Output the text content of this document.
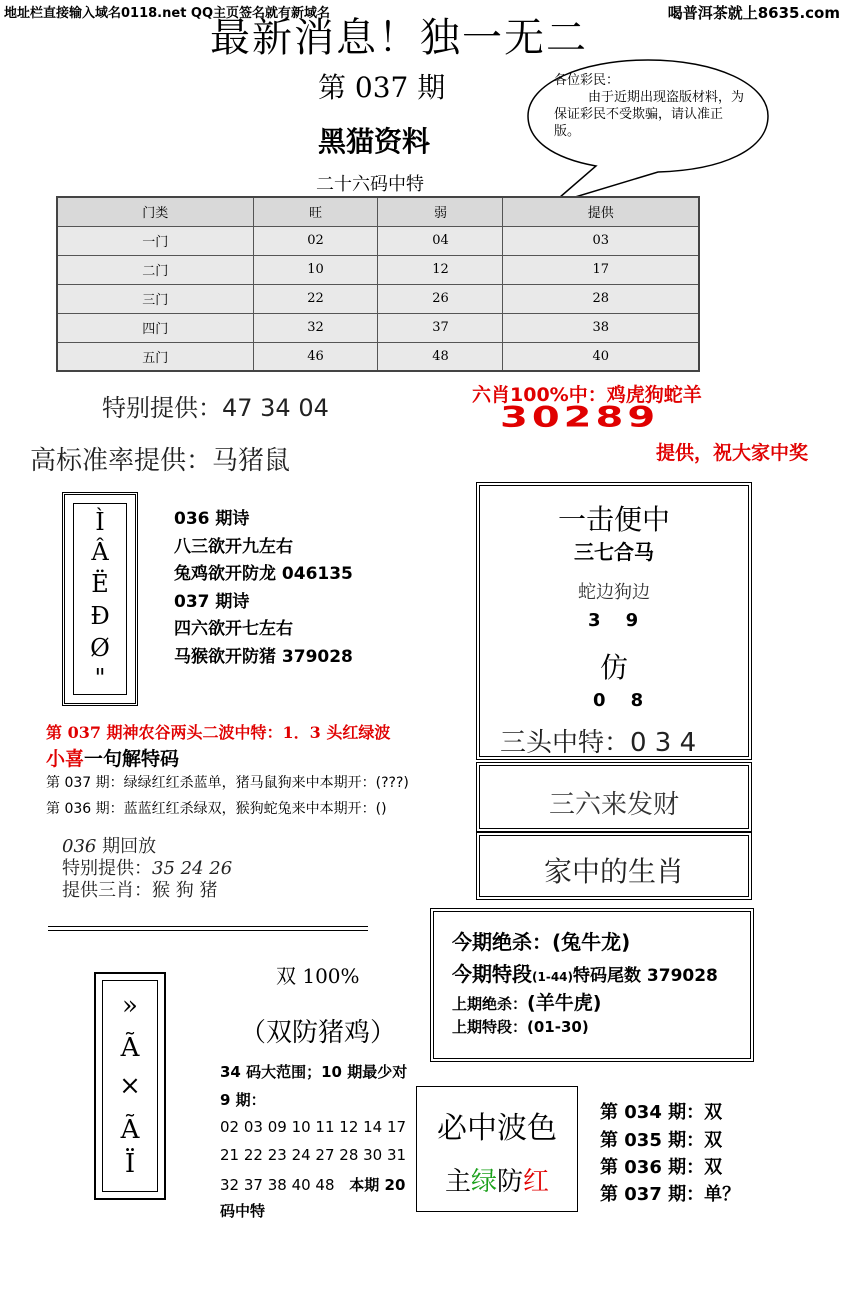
地址栏直接输入域名0118.net QQ主页签名就有新域名	喝普洱茶就上8635.com
最新消息！独一无二
第 037 期
黑猫资料
二十六码中特
各位彩民：
由于近期出现盗版材料，为保证彩民不受欺骗，请认准正版。
门类	旺	弱	提供
一门	02	04	03
二门	10	12	17
三门	22	26	28
四门	32	37	38
五门	46	48	40
特别提供：47 34 04
高标准率提供：马猪鼠
六肖100%中：鸡虎狗蛇羊
30289
提供，祝大家中奖
Ì
Â
Ë
Ð
Ø
"
036 期诗
八三欲开九左右
兔鸡欲开防龙 046135
037 期诗
四六欲开七左右
马猴欲开防猪 379028
一击便中
三七合马
蛇边狗边
3    9
仿
0    8
三头中特：0 3 4
三六来发财
家中的生肖
第 037 期神农谷两头二波中特：1．3 头红绿波
小喜一句解特码
第 037 期：绿绿红红杀蓝单，猪马鼠狗来中本期开：(???)
第 036 期：蓝蓝红红杀绿双，猴狗蛇兔来中本期开：()
036 期回放
特别提供：35 24 26
提供三肖：猴 狗 猪
今期绝杀：(兔牛龙)
今期特段(1-44)特码尾数 379028
上期绝杀：(羊牛虎)
上期特段：(01-30)
»
Ã
×
Ã
Ï
双 100%
（双防猪鸡）
34 码大范围；10 期最少对 9 期：
02 03 09 10 11 12 14 17
21 22 23 24 27 28 30 31
32 37 38 40 48 本期 20
码中特
必中波色
主绿防红
第 034 期：双
第 035 期：双
第 036 期：双
第 037 期：单？
